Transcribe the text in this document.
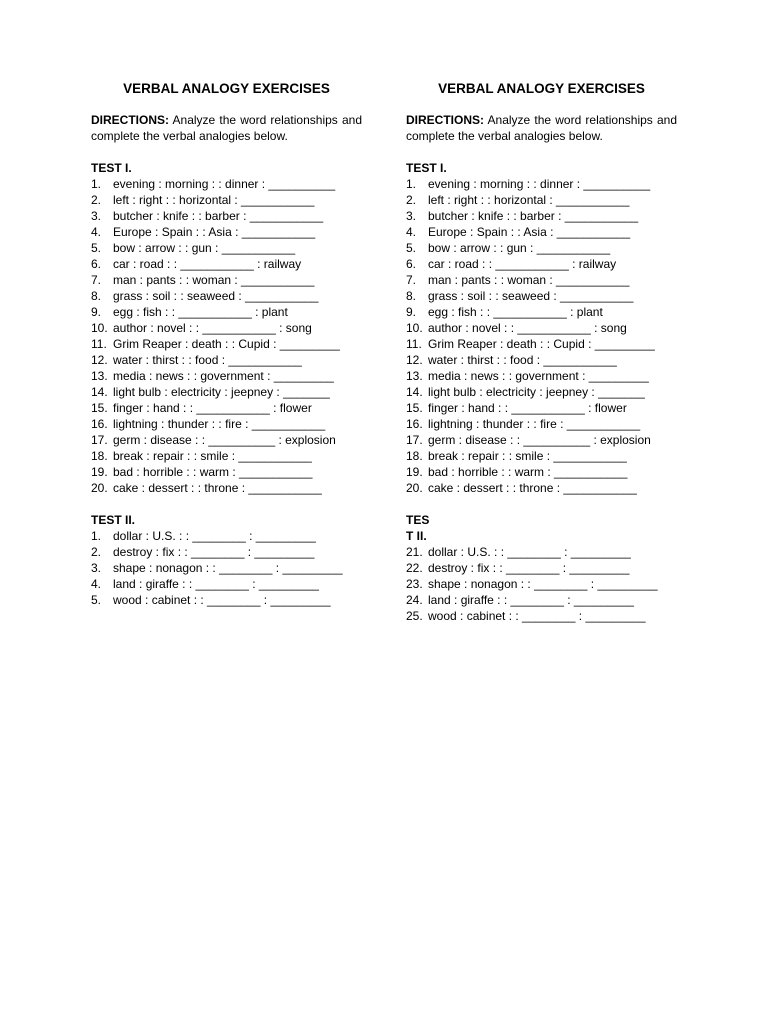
VERBAL ANALOGY EXERCISES

DIRECTIONS: Analyze the word relationships and complete the verbal analogies below.

TEST I.

1. evening : morning : : dinner : __________
2. left : right : : horizontal : ___________
3. butcher : knife : : barber : ___________
4. Europe : Spain : : Asia : ___________
5. bow : arrow : : gun : ___________
6. car : road : : ___________ : railway
7. man : pants : : woman : ___________
8. grass : soil : : seaweed : ___________
9. egg : fish : : ___________ : plant
10. author : novel : : ___________ : song
11. Grim Reaper : death : : Cupid : _________
12. water : thirst : : food : ___________
13. media : news : : government : _________
14. light bulb : electricity : jeepney : _______
15. finger : hand : : ___________ : flower
16. lightning : thunder : : fire : ___________
17. germ : disease : : __________ : explosion
18. break : repair : : smile : ___________
19. bad : horrible : : warm : ___________
20. cake : dessert : : throne : ___________

TEST II.

1. dollar : U.S. : : ________ : _________
2. destroy : fix : : ________ : _________
3. shape : nonagon : : ________ : _________
4. land : giraffe : : ________ : _________
5. wood : cabinet : : ________ : _________
VERBAL ANALOGY EXERCISES

DIRECTIONS: Analyze the word relationships and complete the verbal analogies below.

TEST I.

1. evening : morning : : dinner : __________
2. left : right : : horizontal : ___________
3. butcher : knife : : barber : ___________
4. Europe : Spain : : Asia : ___________
5. bow : arrow : : gun : ___________
6. car : road : : ___________ : railway
7. man : pants : : woman : ___________
8. grass : soil : : seaweed : ___________
9. egg : fish : : ___________ : plant
10. author : novel : : ___________ : song
11. Grim Reaper : death : : Cupid : _________
12. water : thirst : : food : ___________
13. media : news : : government : _________
14. light bulb : electricity : jeepney : _______
15. finger : hand : : ___________ : flower
16. lightning : thunder : : fire : ___________
17. germ : disease : : __________ : explosion
18. break : repair : : smile : ___________
19. bad : horrible : : warm : ___________
20. cake : dessert : : throne : ___________

TES

T II.

21. dollar : U.S. : : ________ : _________
22. destroy : fix : : ________ : _________
23. shape : nonagon : : ________ : _________
24. land : giraffe : : ________ : _________
25. wood : cabinet : : ________ : _________
